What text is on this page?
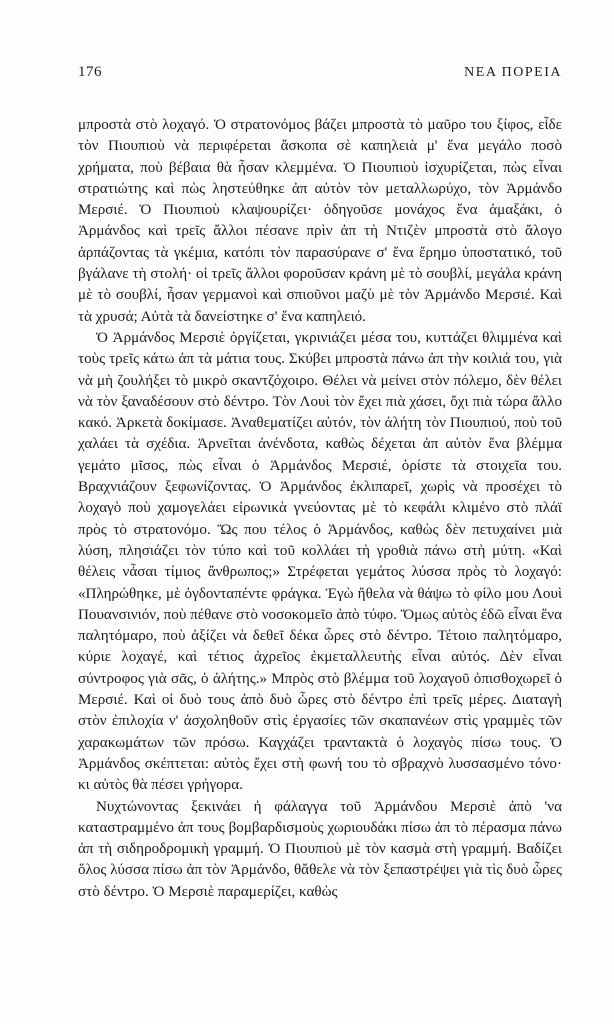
176	ΝΕΑ ΠΟΡΕΙΑ

μπροστὰ στὸ λοχαγό. Ὁ στρατονόμος βάζει μπροστὰ τὸ μαῦρο του ξίφος, εἶδε τὸν Πιουπιοὺ νὰ περιφέρεται ἄσκοπα σὲ καπηλειὰ μ' ἕνα μεγάλο ποσὸ χρήματα, ποὺ βέβαια θὰ ἦσαν κλεμμένα. Ὁ Πιουπιοὺ ἰσχυρίζεται, πὼς εἶναι στρατιώτης καὶ πὼς ληστεύθηκε ἀπ αὐτὸν τὸν μεταλλωρύχο, τὸν Ἀρμάνδο Μερσιέ. Ὁ Πιουπιοὺ κλαψουρίζει· ὁδηγοῦσε μονάχος ἕνα ἁμαξάκι, ὁ Ἀρμάνδος καὶ τρεῖς ἄλλοι πέσανε πρὶν ἀπ τὴ Ντιζὲν μπροστὰ στὸ ἄλογο ἁρπάζοντας τὰ γκέμια, κατόπι τὸν παρασύρανε σ' ἕνα ἔρημο ὑποστατικό, τοῦ βγάλανε τὴ στολή· οἱ τρεῖς ἄλλοι φοροῦσαν κράνη μὲ τὸ σουβλί, μεγάλα κράνη μὲ τὸ σουβλί, ἦσαν γερμανοὶ καὶ σπιοῦνοι μαζὺ μὲ τὸν Ἀρμάνδο Μερσιέ. Καὶ τὰ χρυσά; Αὐτὰ τὰ δανείστηκε σ' ἕνα καπηλειό.

Ὁ Ἀρμάνδος Μερσιὲ ὀργίζεται, γκρινιάζει μέσα του, κυττάζει θλιμμένα καὶ τοὺς τρεῖς κάτω ἀπ τὰ μάτια τους. Σκύβει μπροστὰ πάνω ἀπ τὴν κοιλιά του, γιὰ νὰ μὴ ζουλήξει τὸ μικρὸ σκαντζόχοιρο. Θέλει νὰ μείνει στὸν πόλεμο, δὲν θέλει νὰ τὸν ξαναδέσουν στὸ δέντρο. Τὸν Λουὶ τὸν ἔχει πιὰ χάσει, ὄχι πιὰ τώρα ἄλλο κακό. Ἀρκετὰ δοκίμασε. Ἀναθεματίζει αὐτόν, τὸν ἀλήτη τὸν Πιουπιού, ποὺ τοῦ χαλάει τὰ σχέδια. Ἀρνεῖται ἀνένδοτα, καθὼς δέχεται ἀπ αὐτὸν ἕνα βλέμμα γεμάτο μῖσος, πὼς εἶναι ὁ Ἀρμάνδος Μερσιέ, ὁρίστε τὰ στοιχεῖα του. Βραχνιάζουν ξεφωνίζοντας. Ὁ Ἀρμάνδος ἐκλιπαρεῖ, χωρὶς νὰ προσέχει τὸ λοχαγὸ ποὺ χαμογελάει εἰρωνικὰ γνεύοντας μὲ τὸ κεφάλι κλιμένο στὸ πλάϊ πρὸς τὸ στρατονόμο. Ὥς που τέλος ὁ Ἀρμάνδος, καθὼς δὲν πετυχαίνει μιὰ λύση, πλησιάζει τὸν τύπο καὶ τοῦ κολλάει τὴ γροθιὰ πάνω στὴ μύτη. «Καὶ θέλεις νἆσαι τίμιος ἄνθρωπος;» Στρέφεται γεμάτος λύσσα πρὸς τὸ λοχαγό: «Πληρώθηκε, μὲ ὀγδονταπέντε φράγκα. Ἐγὼ ἤθελα νὰ θάψω τὸ φίλο μου Λουὶ Πουανσινιόν, ποὺ πέθανε στὸ νοσοκομεῖο ἀπὸ τύφο. Ὅμως αὐτὸς ἐδῶ εἶναι ἕνα παλητόμαρο, ποὺ ἀξίζει νὰ δεθεῖ δέκα ὧρες στὸ δέντρο. Τέτοιο παλητόμαρο, κύριε λοχαγέ, καὶ τέτιος ἀχρεῖος ἐκμεταλλευτὴς εἶναι αὐτός. Δὲν εἶναι σύντροφος γιὰ σᾶς, ὁ ἀλήτης.» Μπρὸς στὸ βλέμμα τοῦ λοχαγοῦ ὀπισθοχωρεῖ ὁ Μερσιέ. Καὶ οἱ δυὸ τους ἀπὸ δυὸ ὧρες στὸ δέντρο ἐπὶ τρεῖς μέρες. Διαταγὴ στὸν ἐπιλοχία ν' ἀσχοληθοῦν στὶς ἐργασίες τῶν σκαπανέων στὶς γραμμὲς τῶν χαρακωμάτων τῶν πρόσω. Καγχάζει τραντακτὰ ὁ λοχαγὸς πίσω τους. Ὁ Ἀρμάνδος σκέπτεται: αὐτὸς ἔχει στὴ φωνή του τὸ σβραχνὸ λυσσασμένο τόνο· κι αὐτὸς θὰ πέσει γρήγορα.

Νυχτώνοντας ξεκινάει ἡ φάλαγγα τοῦ Ἀρμάνδου Μερσιὲ ἀπὸ 'να καταστραμμένο ἀπ τους βομβαρδισμοὺς χωριουδάκι πίσω ἀπ τὸ πέρασμα πάνω ἀπ τὴ σιδηροδρομικὴ γραμμή. Ὁ Πιουπιοὺ μὲ τὸν κασμὰ στὴ γραμμή. Βαδίζει ὅλος λύσσα πίσω ἀπ τὸν Ἀρμάνδο, θἄθελε νὰ τὸν ξεπαστρέψει γιὰ τὶς δυὸ ὧρες στὸ δέντρο. Ὁ Μερσιὲ παραμερίζει, καθὼς
